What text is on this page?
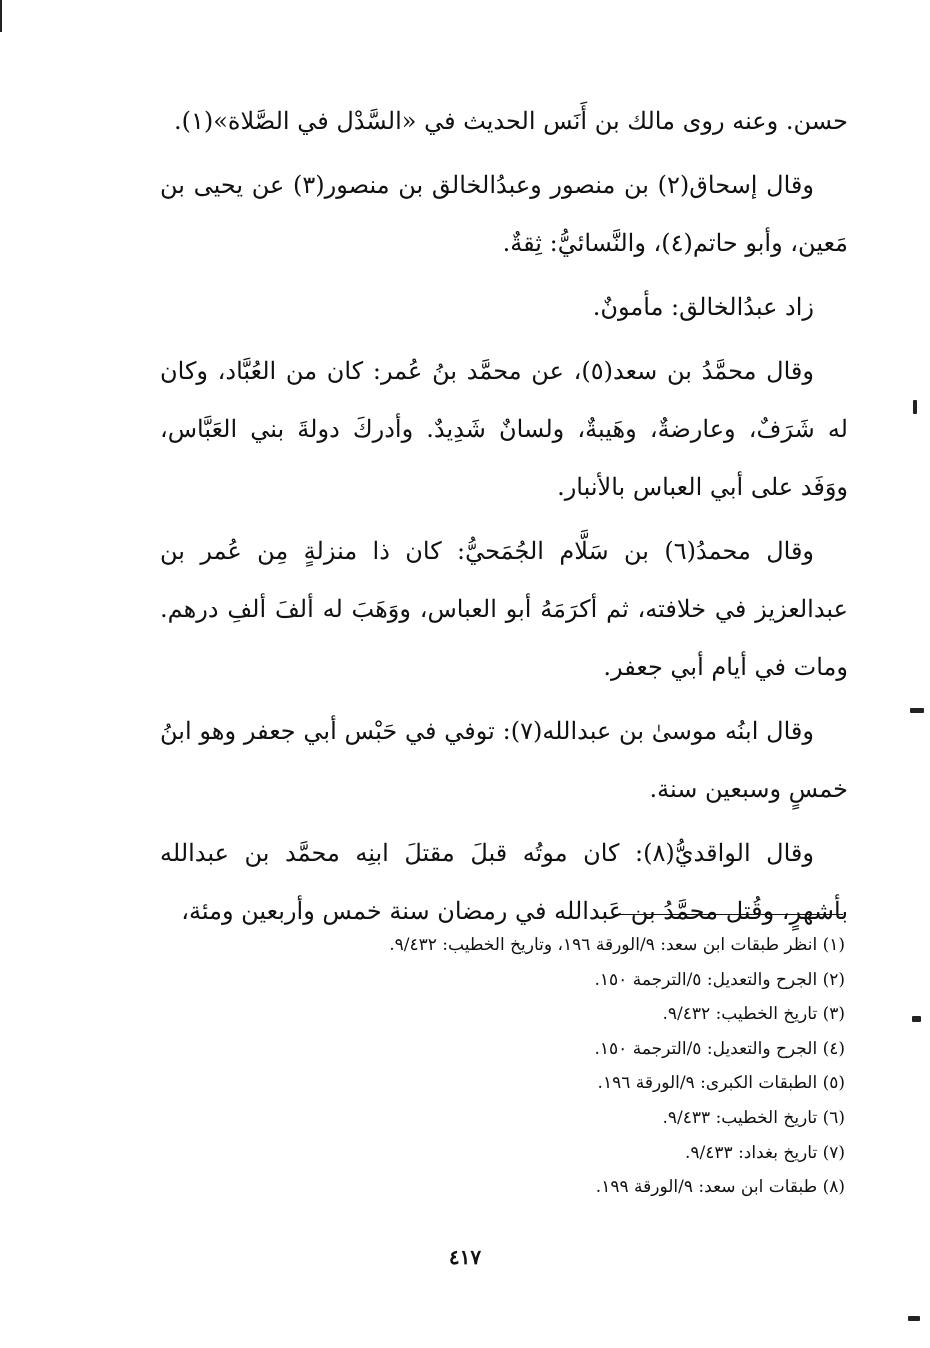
حسن. وعنه روى مالك بن أَنَس الحديث في «السَّدْل في الصَّلاة»(١).

وقال إسحاق(٢) بن منصور وعبدُالخالق بن منصور(٣) عن يحيى بن مَعين، وأبو حاتم(٤)، والنَّسائيُّ: ثِقةٌ.

زاد عبدُالخالق: مأمونٌ.

وقال محمَّدُ بن سعد(٥)، عن محمَّد بنُ عُمر: كان من العُبَّاد، وكان له شَرَفٌ، وعارضةٌ، وهَيبةٌ، ولسانٌ شَدِيدٌ. وأدركَ دولةَ بني العَبَّاس، ووَفَد على أبي العباس بالأنبار.

وقال محمدُ(٦) بن سَلَّام الجُمَحيُّ: كان ذا منزلةٍ مِن عُمر بن عبدالعزيز في خلافته، ثم أكرَمَهُ أبو العباس، ووَهَبَ له ألفَ ألفِ درهم. ومات في أيام أبي جعفر.

وقال ابنُه موسىٰ بن عبدالله(٧): توفي في حَبْس أبي جعفر وهو ابنُ خمسٍ وسبعين سنة.

وقال الواقديُّ(٨): كان موتُه قبلَ مقتلَ ابنِه محمَّد بن عبدالله بأشهرٍ، وقُتل محمَّدُ بن عَبدالله في رمضان سنة خمس وأربعين ومئة،

(١) انظر طبقات ابن سعد: ٩/الورقة ١٩٦، وتاريخ الخطيب: ٩/٤٣٢.

(٢) الجرح والتعديل: ٥/الترجمة ١٥٠.

(٣) تاريخ الخطيب: ٩/٤٣٢.

(٤) الجرح والتعديل: ٥/الترجمة ١٥٠.

(٥) الطبقات الكبرى: ٩/الورقة ١٩٦.

(٦) تاريخ الخطيب: ٩/٤٣٣.

(٧) تاريخ بغداد: ٩/٤٣٣.

(٨) طبقات ابن سعد: ٩/الورقة ١٩٩.

٤١٧
